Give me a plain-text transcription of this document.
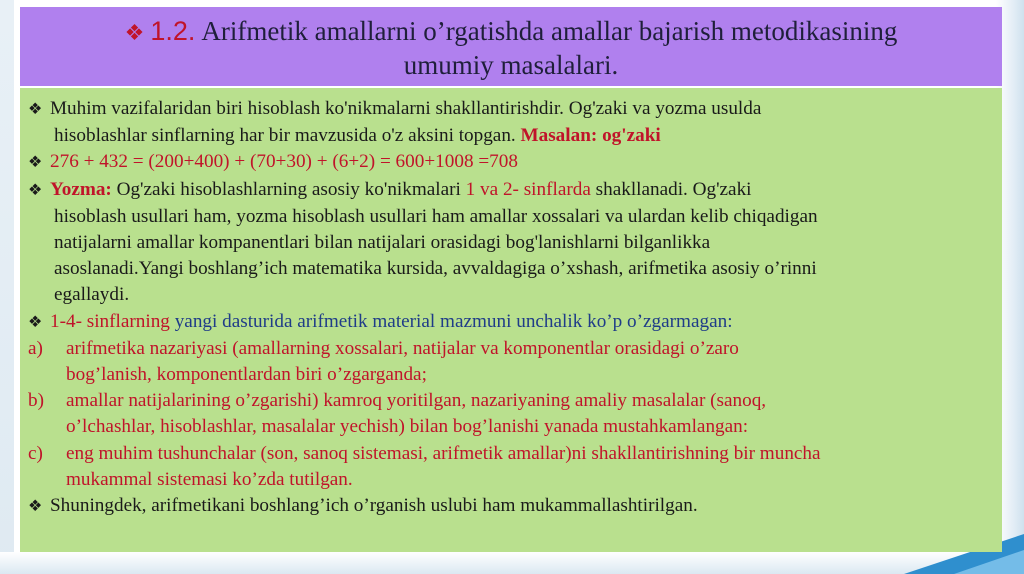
❖ 1.2. Arifmetik amallarni o’rgatishda amallar bajarish metodikasining
umumiy masalalari.
❖ Muhim vazifalaridan biri hisoblash ko'nikmalarni shakllantirishdir. Og'zaki va yozma usulda
hisoblashlar sinflarning har bir mavzusida o'z aksini topgan. Masalan: og'zaki
❖ 276 + 432 = (200+400) + (70+30) + (6+2) = 600+1008 =708
❖ Yozma: Og'zaki hisoblashlarning asosiy ko'nikmalari 1 va 2- sinflarda shakllanadi. Og'zaki
hisoblash usullari ham, yozma hisoblash usullari ham amallar xossalari va ulardan kelib chiqadigan
natijalarni amallar kompanentlari bilan natijalari orasidagi bog'lanishlarni bilganlikka
asoslanadi.Yangi boshlang’ich matematika kursida, avvaldagiga o’xshash, arifmetika asosiy o’rinni
egallaydi.
❖ 1-4- sinflarning yangi dasturida arifmetik material mazmuni unchalik ko’p o’zgarmagan:
a) arifmetika nazariyasi (amallarning xossalari, natijalar va komponentlar orasidagi o’zaro
bog’lanish, komponentlardan biri o’zgarganda;
b) amallar natijalarining o’zgarishi) kamroq yoritilgan, nazariyaning amaliy masalalar (sanoq,
o’lchashlar, hisoblashlar, masalalar yechish) bilan bog’lanishi yanada mustahkamlangan:
c) eng muhim tushunchalar (son, sanoq sistemasi, arifmetik amallar)ni shakllantirishning bir muncha
mukammal sistemasi ko’zda tutilgan.
❖ Shuningdek, arifmetikani boshlang’ich o’rganish uslubi ham mukammallashtirilgan.
